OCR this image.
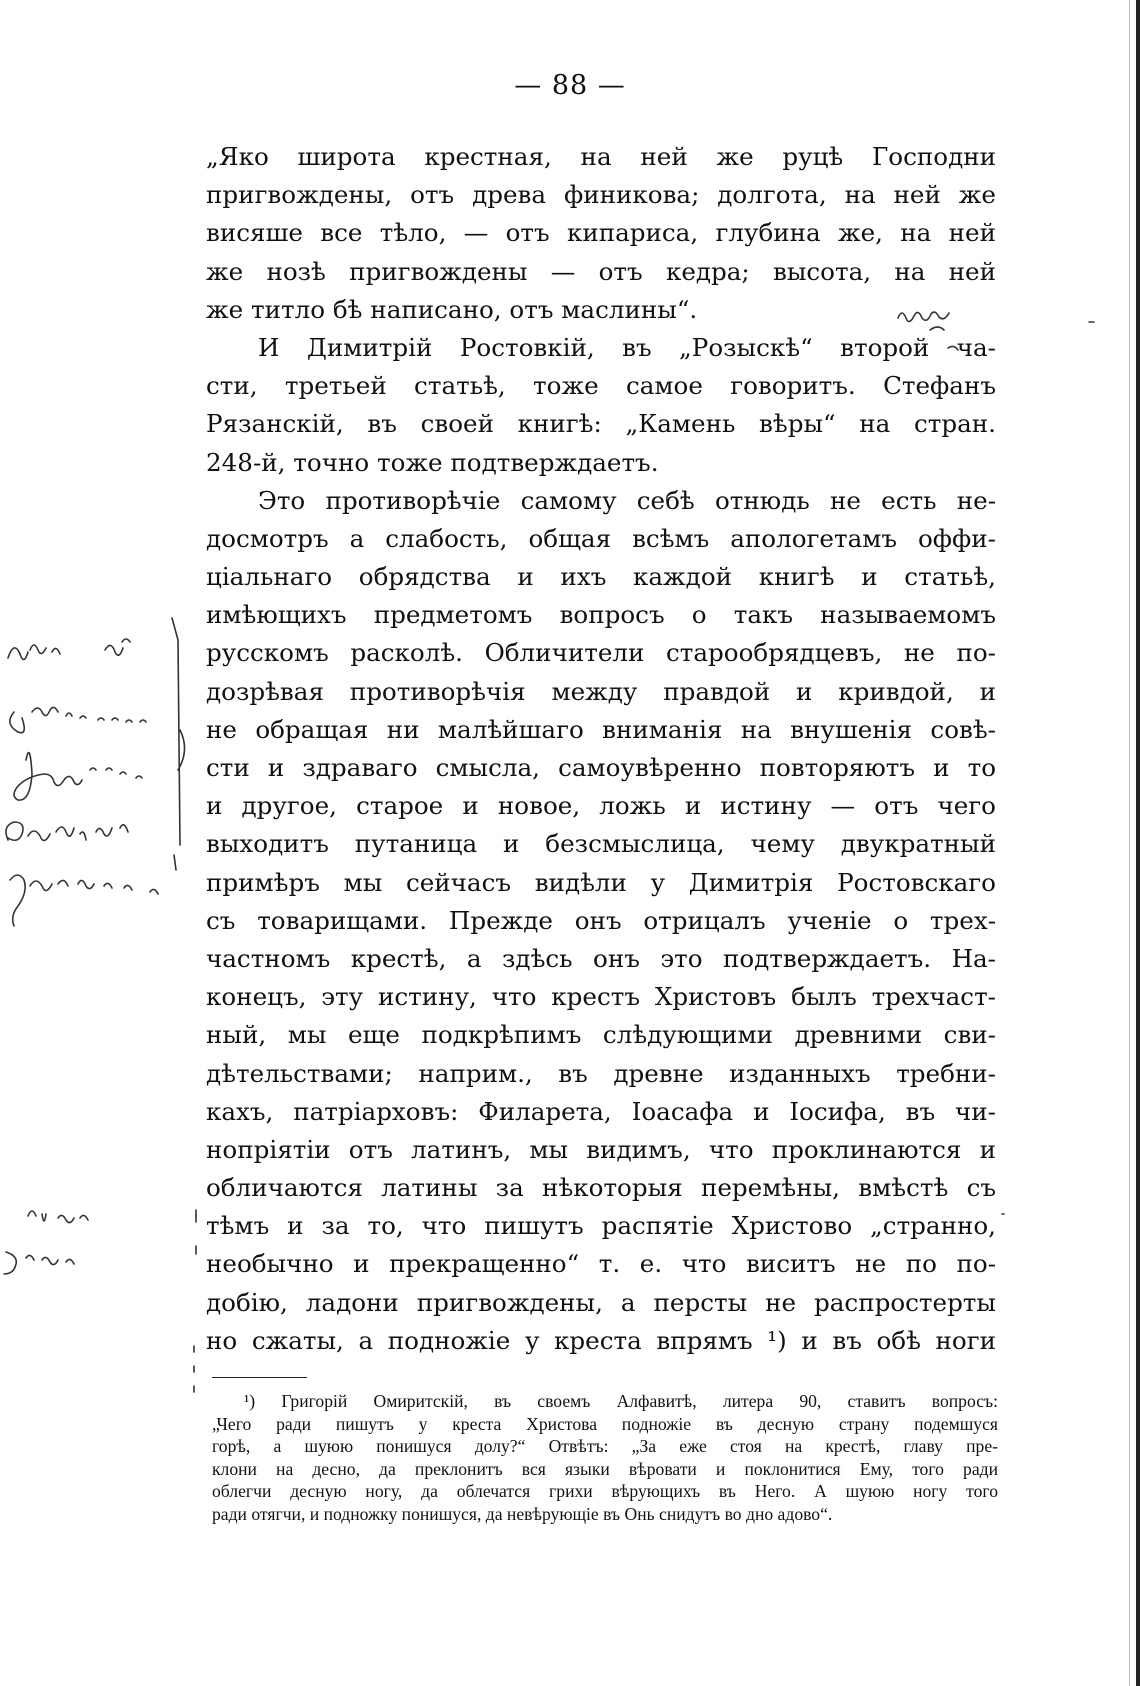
— 88 —
„Яко широта крестная, на ней же руцѣ Господни
пригвождены, отъ древа финикова; долгота, на ней же
висяше все тѣло, — отъ кипариса, глубина же, на ней
же нозѣ пригвождены — отъ кедра; высота, на ней
же титло бѣ написано, отъ маслины“.
И Димитрій Ростовкій, въ „Розыскѣ“ второй ча-
сти, третьей статьѣ, тоже самое говоритъ. Стефанъ
Рязанскій, въ своей книгѣ: „Камень вѣры“ на стран.
248-й, точно тоже подтверждаетъ.
Это противорѣчіе самому себѣ отнюдь не есть не-
досмотръ а слабость, общая всѣмъ апологетамъ оффи-
ціальнаго обрядства и ихъ каждой книгѣ и статьѣ,
имѣющихъ предметомъ вопросъ о такъ называемомъ
русскомъ расколѣ. Обличители старообрядцевъ, не по-
дозрѣвая противорѣчія между правдой и кривдой, и
не обращая ни малѣйшаго вниманія на внушенія совѣ-
сти и здраваго смысла, самоувѣренно повторяютъ и то
и другое, старое и новое, ложь и истину — отъ чего
выходитъ путаница и безсмыслица, чему двукратный
примѣръ мы сейчасъ видѣли у Димитрія Ростовскаго
съ товарищами. Прежде онъ отрицалъ ученіе о трех-
частномъ крестѣ, а здѣсь онъ это подтверждаетъ. На-
конецъ, эту истину, что крестъ Христовъ былъ трехчаст-
ный, мы еще подкрѣпимъ слѣдующими древними сви-
дѣтельствами; наприм., въ древне изданныхъ требни-
кахъ, патріарховъ: Филарета, Іоасафа и Іосифа, въ чи-
нопріятіи отъ латинъ, мы видимъ, что проклинаются и
обличаются латины за нѣкоторыя перемѣны, вмѣстѣ съ
тѣмъ и за то, что пишутъ распятіе Христово „странно,
необычно и прекращенно“ т. е. что виситъ не по по-
добію, ладони пригвождены, а персты не распростерты
но сжаты, а подножіе у креста впрямъ ¹) и въ обѣ ноги
¹) Григорій Омиритскій, въ своемъ Алфавитѣ, литера 90, ставитъ вопросъ:
„Чего ради пишутъ у креста Христова подножіе въ десную страну подемшуся
горѣ, а шуюю понишуся долу?“ Отвѣтъ: „За еже стоя на крестѣ, главу пре-
клони на десно, да преклонитъ вся языки вѣровати и поклонитися Ему, того ради
облегчи десную ногу, да облечатся грихи вѣрующихъ въ Него. А шуюю ногу того
ради отягчи, и подножку понишуся, да невѣрующіе въ Онь снидутъ во дно адово“.
